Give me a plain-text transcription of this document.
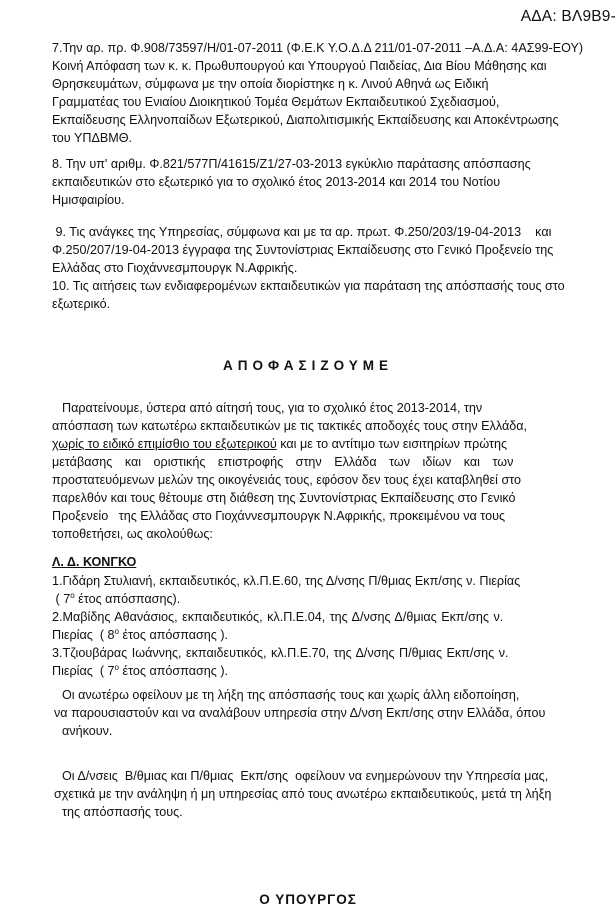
ΑΔΑ: ΒΛ9Β9-
7.Την αρ. πρ. Φ.908/73597/Η/01-07-2011 (Φ.Ε.Κ Υ.Ο.Δ.Δ 211/01-07-2011 –Α.Δ.Α: 4ΑΣ99-ΕΟΥ)
Κοινή Απόφαση των κ. κ. Πρωθυπουργού και Υπουργού Παιδείας, Δια Βίου Μάθησης και
Θρησκευμάτων, σύμφωνα με την οποία διορίστηκε η κ. Λινού Αθηνά ως Ειδική
Γραμματέας του Ενιαίου Διοικητικού Τομέα Θεμάτων Εκπαιδευτικού Σχεδιασμού,
Εκπαίδευσης Ελληνοπαίδων Εξωτερικού, Διαπολιτισμικής Εκπαίδευσης και Αποκέντρωσης
του ΥΠΔΒΜΘ.
8. Την υπ' αριθμ. Φ.821/577Π/41615/Ζ1/27-03-2013 εγκύκλιο παράτασης απόσπασης
εκπαιδευτικών στο εξωτερικό για το σχολικό έτος 2013-2014 και 2014 του Νοτίου
Ημισφαιρίου.
9. Τις ανάγκες της Υπηρεσίας, σύμφωνα και με τα αρ. πρωτ. Φ.250/203/19-04-2013    και
Φ.250/207/19-04-2013 έγγραφα της Συντονίστριας Εκπαίδευσης στο Γενικό Προξενείο της
Ελλάδας στο Γιοχάννεσμπουργκ Ν.Αφρικής.
10. Τις αιτήσεις των ενδιαφερομένων εκπαιδευτικών για παράταση της απόσπασής τους στο
εξωτερικό.
ΑΠΟΦΑΣΙΖΟΥΜΕ
Παρατείνουμε, ύστερα από αίτησή τους, για το σχολικό έτος 2013-2014, την
απόσπαση των κατωτέρω εκπαιδευτικών με τις τακτικές αποδοχές τους στην Ελλάδα,
χωρίς το ειδικό επιμίσθιο του εξωτερικού και με το αντίτιμο των εισιτηρίων πρώτης
μετάβασης και οριστικής επιστροφής στην Ελλάδα των ιδίων και των
προστατευόμενων μελών της οικογένειάς τους, εφόσον δεν τους έχει καταβληθεί στο
παρελθόν και τους θέτουμε στη διάθεση της Συντονίστριας Εκπαίδευσης στο Γενικό
Προξενείο   της Ελλάδας στο Γιοχάννεσμπουργκ Ν.Αφρικής, προκειμένου να τους
τοποθετήσει, ως ακολούθως:
Λ. Δ. ΚΟΝΓΚΟ
1.Γιδάρη Στυλιανή, εκπαιδευτικός, κλ.Π.Ε.60, της Δ/νσης Π/θμιας Εκπ/σης ν. Πιερίας
( $7^o$ έτος απόσπασης).
2.Μαβίδης Αθανάσιος, εκπαιδευτικός, κλ.Π.Ε.04, της Δ/νσης Δ/θμιας Εκπ/σης ν.
Πιερίας  ( $8^o$ έτος απόσπασης ).
3.Τζιουβάρας Ιωάννης, εκπαιδευτικός, κλ.Π.Ε.70, της Δ/νσης Π/θμιας Εκπ/σης ν.
Πιερίας  ( $7^o$ έτος απόσπασης ).
Οι ανωτέρω οφείλουν με τη λήξη της απόσπασής τους και χωρίς άλλη ειδοποίηση,
να παρουσιαστούν και να αναλάβουν υπηρεσία στην Δ/νση Εκπ/σης στην Ελλάδα, όπου
ανήκουν.
Οι Δ/νσεις  Β/θμιας και Π/θμιας  Εκπ/σης  οφείλουν να ενημερώνουν την Υπηρεσία μας,
σχετικά με την ανάληψη ή μη υπηρεσίας από τους ανωτέρω εκπαιδευτικούς, μετά τη λήξη
της απόσπασής τους.
Ο ΥΠΟΥΡΓΟΣ
